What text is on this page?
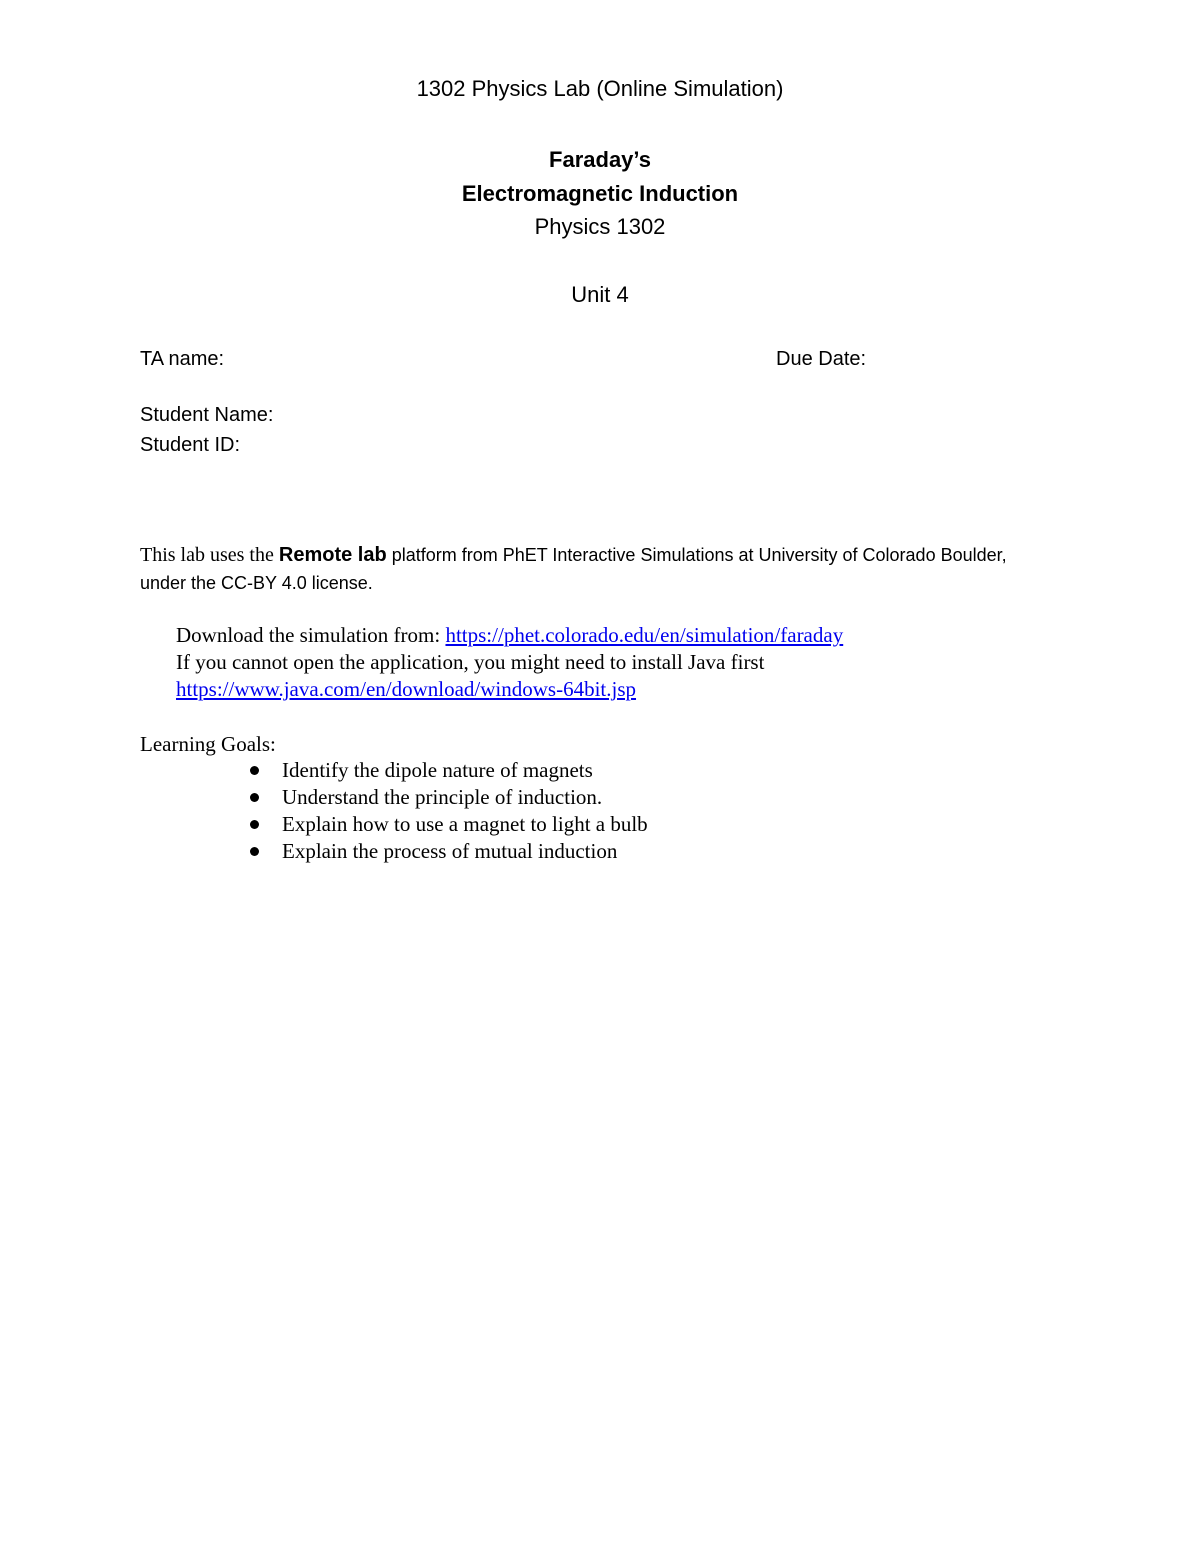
1302 Physics Lab (Online Simulation)
Faraday’s
Electromagnetic Induction
Physics 1302
Unit 4
TA name:	Due Date:
Student Name:
Student ID:
This lab uses the Remote lab platform from PhET Interactive Simulations at University of Colorado Boulder, under the CC-BY 4.0 license.
Download the simulation from: https://phet.colorado.edu/en/simulation/faraday
If you cannot open the application, you might need to install Java first
https://www.java.com/en/download/windows-64bit.jsp
Learning Goals:
Identify the dipole nature of magnets
Understand the principle of induction.
Explain how to use a magnet to light a bulb
Explain the process of mutual induction
